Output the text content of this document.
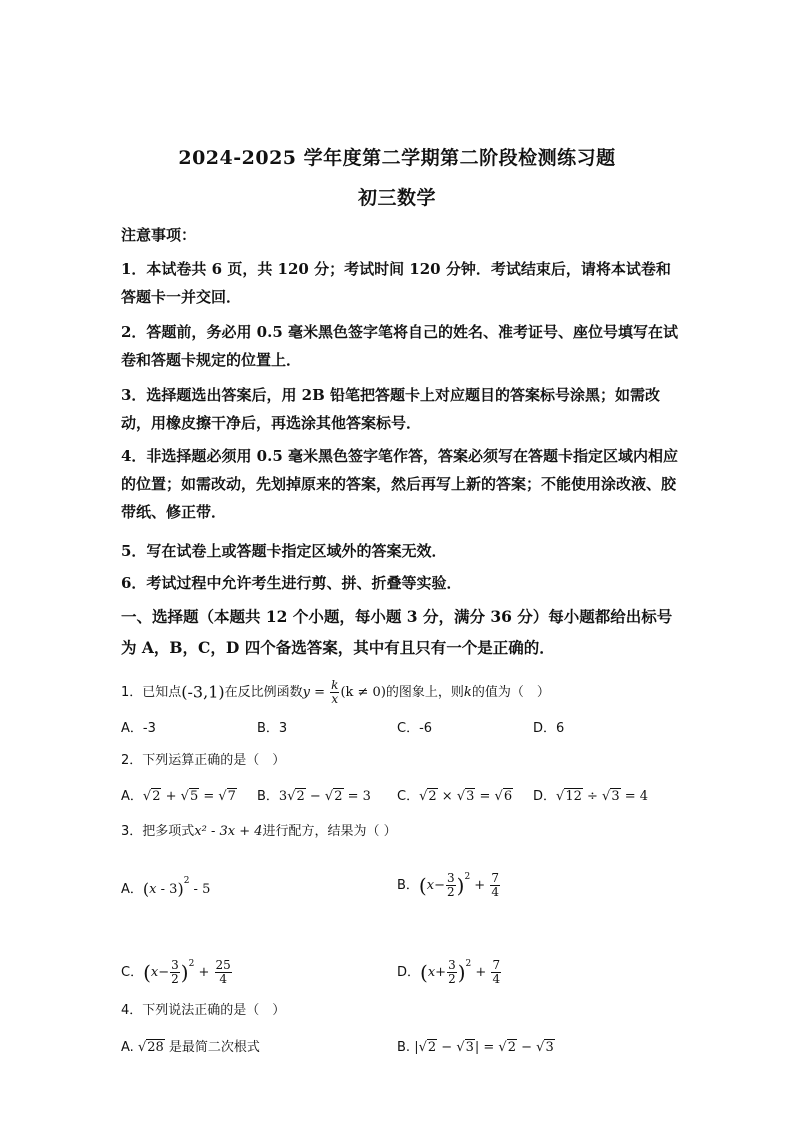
2024-2025 学年度第二学期第二阶段检测练习题
初三数学
注意事项：
1．本试卷共 6 页，共 120 分；考试时间 120 分钟．考试结束后，请将本试卷和答题卡一并交回．
2．答题前，务必用 0.5 毫米黑色签字笔将自己的姓名、准考证号、座位号填写在试卷和答题卡规定的位置上．
3．选择题选出答案后，用 2B 铅笔把答题卡上对应题目的答案标号涂黑；如需改动，用橡皮擦干净后，再选涂其他答案标号．
4．非选择题必须用 0.5 毫米黑色签字笔作答，答案必须写在答题卡指定区域内相应的位置；如需改动，先划掉原来的答案，然后再写上新的答案；不能使用涂改液、胶带纸、修正带．
5．写在试卷上或答题卡指定区域外的答案无效．
6．考试过程中允许考生进行剪、拼、折叠等实验．
一、选择题（本题共 12 个小题，每小题 3 分，满分 36 分）每小题都给出标号为 A，B，C，D 四个备选答案，其中有且只有一个是正确的．
1．已知点(-3,1)在反比例函数$y = \frac{k}{x} (k \ne 0)$的图象上，则k的值为（　）
A．-3	B．3	C．-6	D．6
2．下列运算正确的是（　）
A．√2 + √5 = √7 B．3√2 − √2 = 3 C．√2 × √3 = √6 D．√12 ÷ √3 = 4
3．把多项式x² - 3x + 4进行配方，结果为（ ）
A．(x - 3)$^2$ - 5	B．$(x- \frac{3}{2} )^2 + \frac{7}{4}$
C．$(x- \frac{3}{2} )^2 + \frac{25}{4}$	D．$(x+ \frac{3}{2} )^2 + \frac{7}{4}$
4．下列说法正确的是（　）
A. √28 是最简二次根式	B. |√2 − √3| = √2 − √3
